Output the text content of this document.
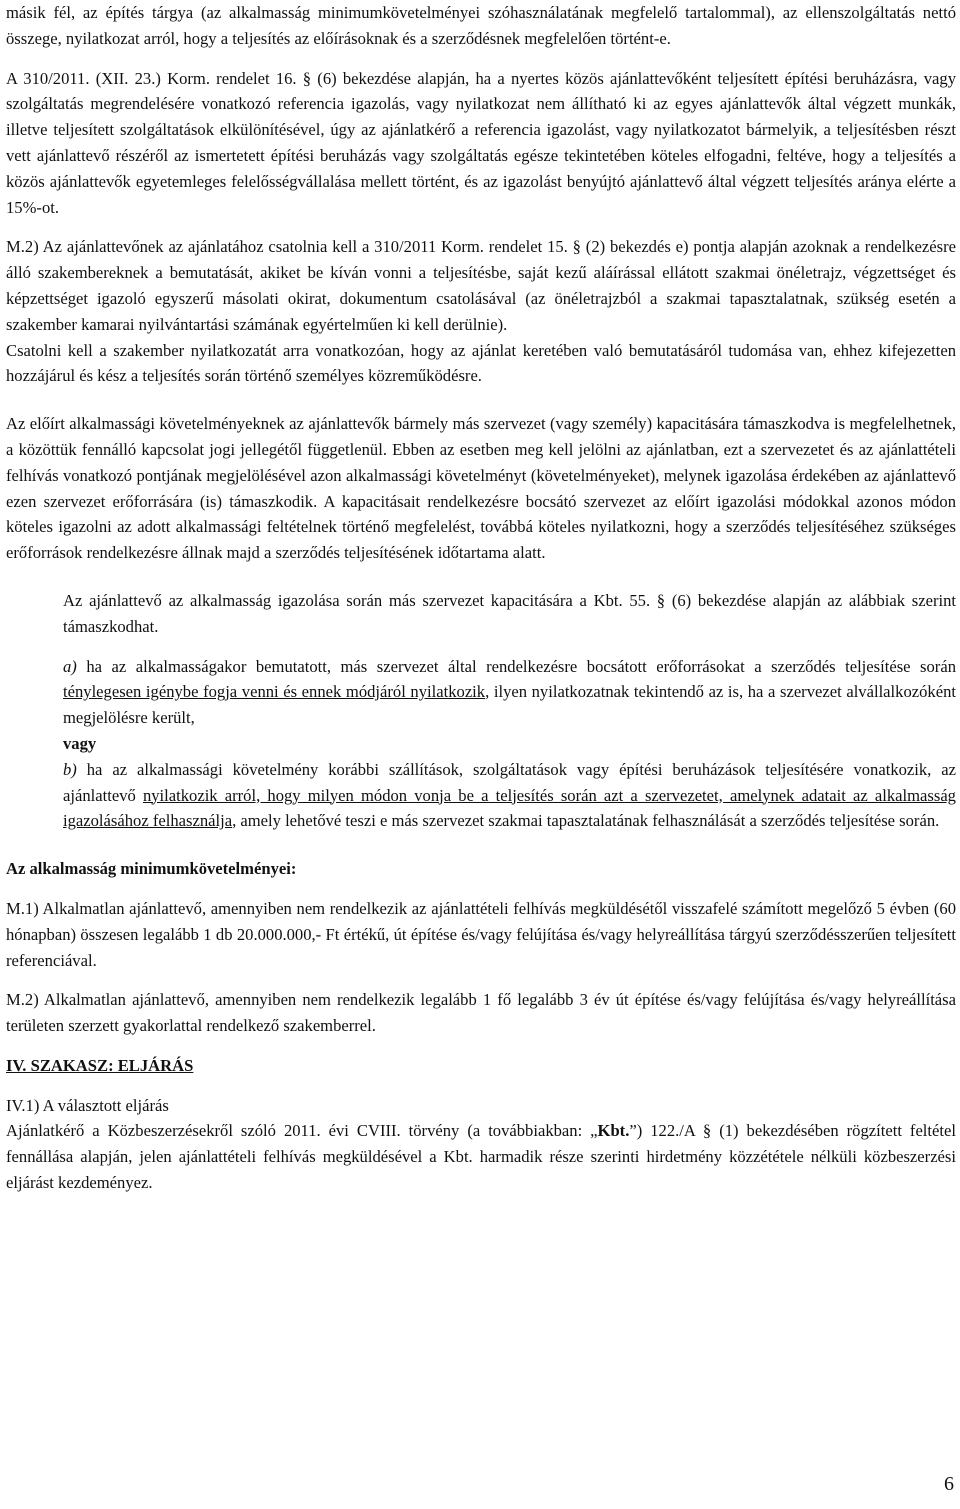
másik fél, az építés tárgya (az alkalmasság minimumkövetelményei szóhasználatának megfelelő tartalommal), az ellenszolgáltatás nettó összege, nyilatkozat arról, hogy a teljesítés az előírásoknak és a szerződésnek megfelelően történt-e.

A 310/2011. (XII. 23.) Korm. rendelet 16. § (6) bekezdése alapján, ha a nyertes közös ajánlattevőként teljesített építési beruházásra, vagy szolgáltatás megrendelésére vonatkozó referencia igazolás, vagy nyilatkozat nem állítható ki az egyes ajánlattevők által végzett munkák, illetve teljesített szolgáltatások elkülönítésével, úgy az ajánlatkérő a referencia igazolást, vagy nyilatkozatot bármelyik, a teljesítésben részt vett ajánlattevő részéről az ismertetett építési beruházás vagy szolgáltatás egésze tekintetében köteles elfogadni, feltéve, hogy a teljesítés a közös ajánlattevők egyetemleges felelősségvállalása mellett történt, és az igazolást benyújtó ajánlattevő által végzett teljesítés aránya elérte a 15%-ot.

M.2) Az ajánlattevőnek az ajánlatához csatolnia kell a 310/2011 Korm. rendelet 15. § (2) bekezdés e) pontja alapján azoknak a rendelkezésre álló szakembereknek a bemutatását, akiket be kíván vonni a teljesítésbe, saját kezű aláírással ellátott szakmai önéletrajz, végzettséget és képzettséget igazoló egyszerű másolati okirat, dokumentum csatolásával (az önéletrajzból a szakmai tapasztalatnak, szükség esetén a szakember kamarai nyilvántartási számának egyértelműen ki kell derülnie).

Csatolni kell a szakember nyilatkozatát arra vonatkozóan, hogy az ajánlat keretében való bemutatásáról tudomása van, ehhez kifejezetten hozzájárul és kész a teljesítés során történő személyes közreműködésre.

Az előírt alkalmassági követelményeknek az ajánlattevők bármely más szervezet (vagy személy) kapacitására támaszkodva is megfelelhetnek, a közöttük fennálló kapcsolat jogi jellegétől függetlenül. Ebben az esetben meg kell jelölni az ajánlatban, ezt a szervezetet és az ajánlattételi felhívás vonatkozó pontjának megjelölésével azon alkalmassági követelményt (követelményeket), melynek igazolása érdekében az ajánlattevő ezen szervezet erőforrására (is) támaszkodik. A kapacitásait rendelkezésre bocsátó szervezet az előírt igazolási módokkal azonos módon köteles igazolni az adott alkalmassági feltételnek történő megfelelést, továbbá köteles nyilatkozni, hogy a szerződés teljesítéséhez szükséges erőforrások rendelkezésre állnak majd a szerződés teljesítésének időtartama alatt.

Az ajánlattevő az alkalmasság igazolása során más szervezet kapacitására a Kbt. 55. § (6) bekezdése alapján az alábbiak szerint támaszkodhat.

a) ha az alkalmasságakor bemutatott, más szervezet által rendelkezésre bocsátott erőforrásokat a szerződés teljesítése során ténylegesen igénybe fogja venni és ennek módjáról nyilatkozik, ilyen nyilatkozatnak tekintendő az is, ha a szervezet alvállalkozóként megjelölésre került,
vagy

b) ha az alkalmassági követelmény korábbi szállítások, szolgáltatások vagy építési beruházások teljesítésére vonatkozik, az ajánlattevő nyilatkozik arról, hogy milyen módon vonja be a teljesítés során azt a szervezetet, amelynek adatait az alkalmasság igazolásához felhasználja, amely lehetővé teszi e más szervezet szakmai tapasztalatának felhasználását a szerződés teljesítése során.

Az alkalmasság minimumkövetelményei:

M.1) Alkalmatlan ajánlattevő, amennyiben nem rendelkezik az ajánlattételi felhívás megküldésétől visszafelé számított megelőző 5 évben (60 hónapban) összesen legalább 1 db 20.000.000,- Ft értékű, út építése és/vagy felújítása és/vagy helyreállítása tárgyú szerződésszerűen teljesített referenciával.

M.2) Alkalmatlan ajánlattevő, amennyiben nem rendelkezik legalább 1 fő legalább 3 év út építése és/vagy felújítása és/vagy helyreállítása területen szerzett gyakorlattal rendelkező szakemberrel.

IV. SZAKASZ: ELJÁRÁS

IV.1) A választott eljárás

Ajánlatkérő a Közbeszerzésekről szóló 2011. évi CVIII. törvény (a továbbiakban: „Kbt.”) 122./A § (1) bekezdésében rögzített feltétel fennállása alapján, jelen ajánlattételi felhívás megküldésével a Kbt. harmadik része szerinti hirdetmény közzététele nélküli közbeszerzési eljárást kezdeményez.

6
